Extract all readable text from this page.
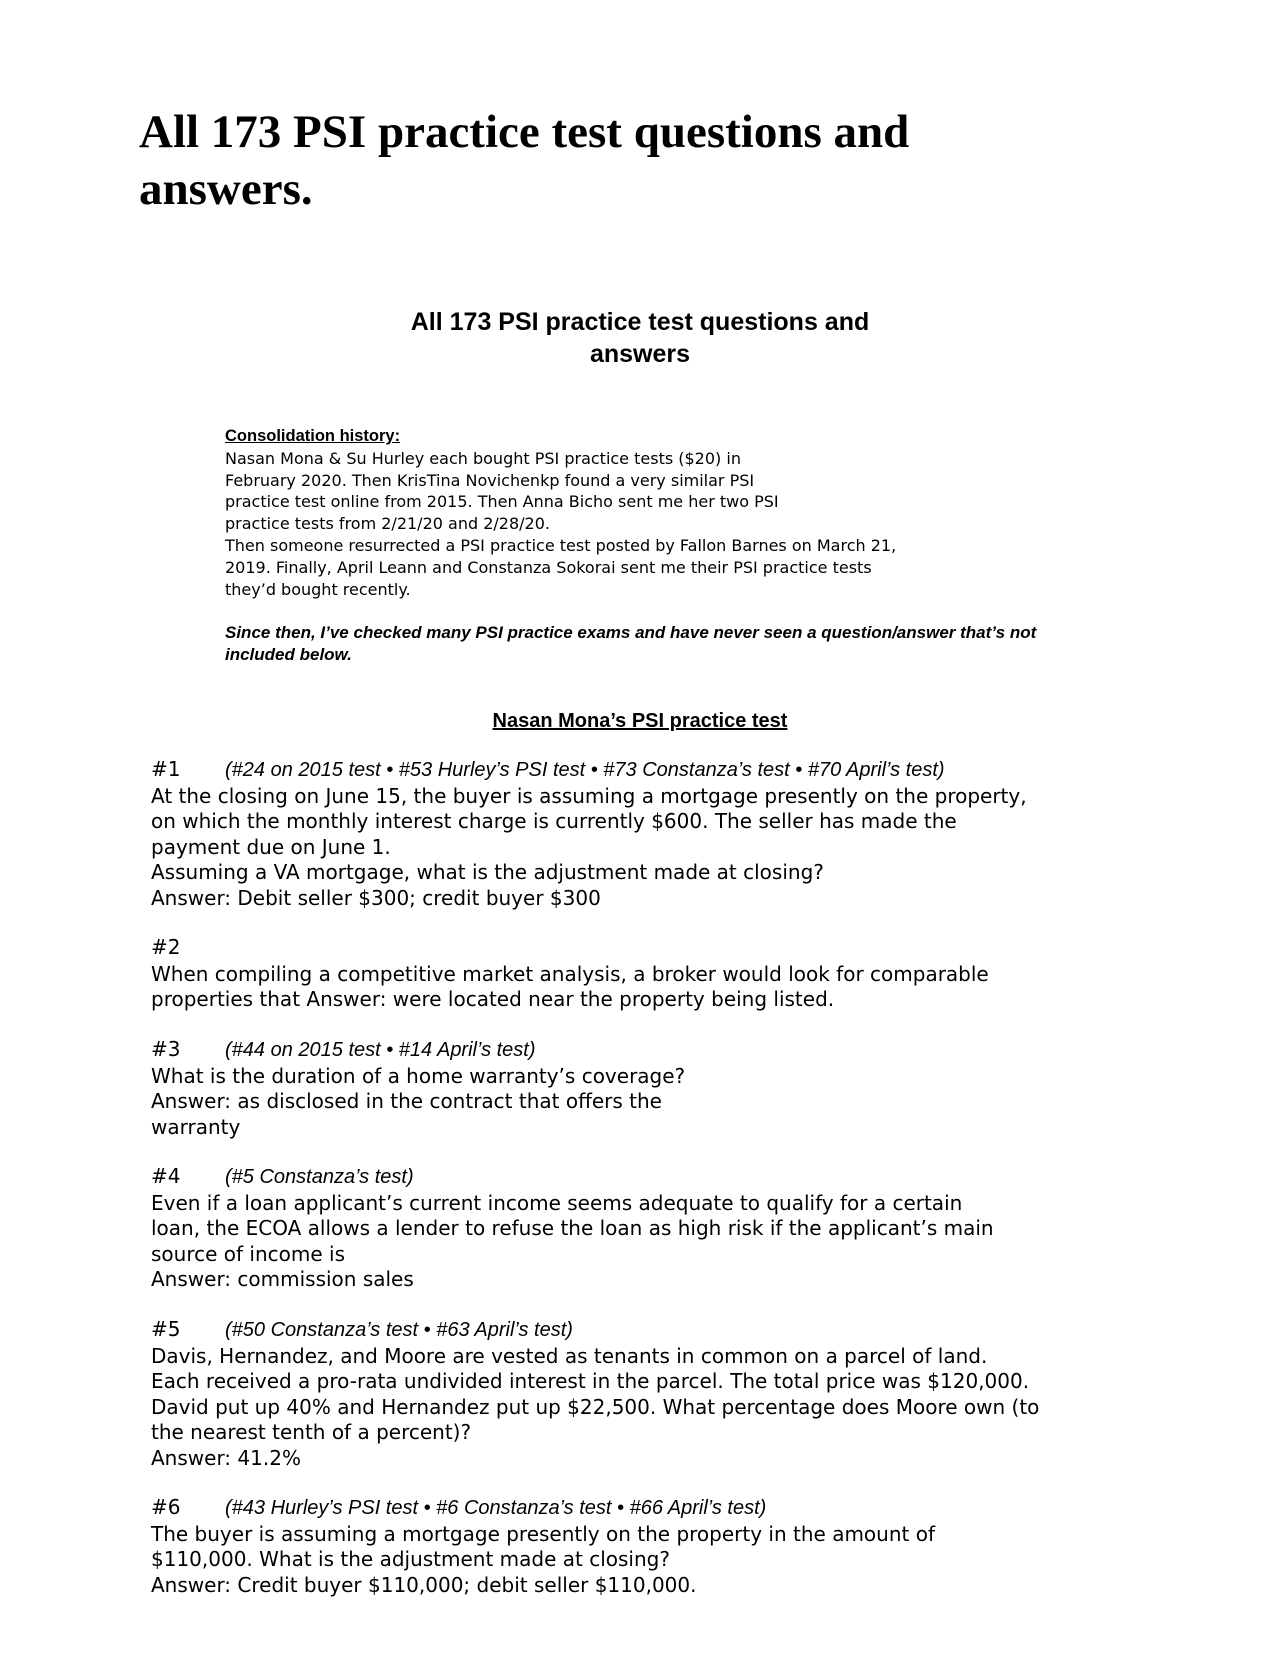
All 173 PSI practice test questions and answers.
All 173 PSI practice test questions and
answers
Consolidation history:
Nasan Mona & Su Hurley each bought PSI practice tests ($20) in
February 2020. Then KrisTina Novichenkp found a very similar PSI
practice test online from 2015. Then Anna Bicho sent me her two PSI
practice tests from 2/21/20 and 2/28/20.
Then someone resurrected a PSI practice test posted by Fallon Barnes on March 21,
2019. Finally, April Leann and Constanza Sokorai sent me their PSI practice tests
they’d bought recently.
Since then, I’ve checked many PSI practice exams and have never seen a question/answer that’s not
included below.
Nasan Mona’s PSI practice test
#1 (#24 on 2015 test • #53 Hurley’s PSI test • #73 Constanza’s test • #70 April’s test)
At the closing on June 15, the buyer is assuming a mortgage presently on the property,
on which the monthly interest charge is currently $600. The seller has made the
payment due on June 1.
Assuming a VA mortgage, what is the adjustment made at closing?
Answer: Debit seller $300; credit buyer $300
#2
When compiling a competitive market analysis, a broker would look for comparable
properties that Answer: were located near the property being listed.
#3 (#44 on 2015 test • #14 April’s test)
What is the duration of a home warranty’s coverage?
Answer: as disclosed in the contract that offers the
warranty
#4 (#5 Constanza’s test)
Even if a loan applicant’s current income seems adequate to qualify for a certain
loan, the ECOA allows a lender to refuse the loan as high risk if the applicant’s main
source of income is
Answer: commission sales
#5 (#50 Constanza’s test • #63 April’s test)
Davis, Hernandez, and Moore are vested as tenants in common on a parcel of land.
Each received a pro-rata undivided interest in the parcel. The total price was $120,000.
David put up 40% and Hernandez put up $22,500. What percentage does Moore own (to
the nearest tenth of a percent)?
Answer: 41.2%
#6 (#43 Hurley’s PSI test • #6 Constanza’s test • #66 April’s test)
The buyer is assuming a mortgage presently on the property in the amount of
$110,000. What is the adjustment made at closing?
Answer: Credit buyer $110,000; debit seller $110,000.
